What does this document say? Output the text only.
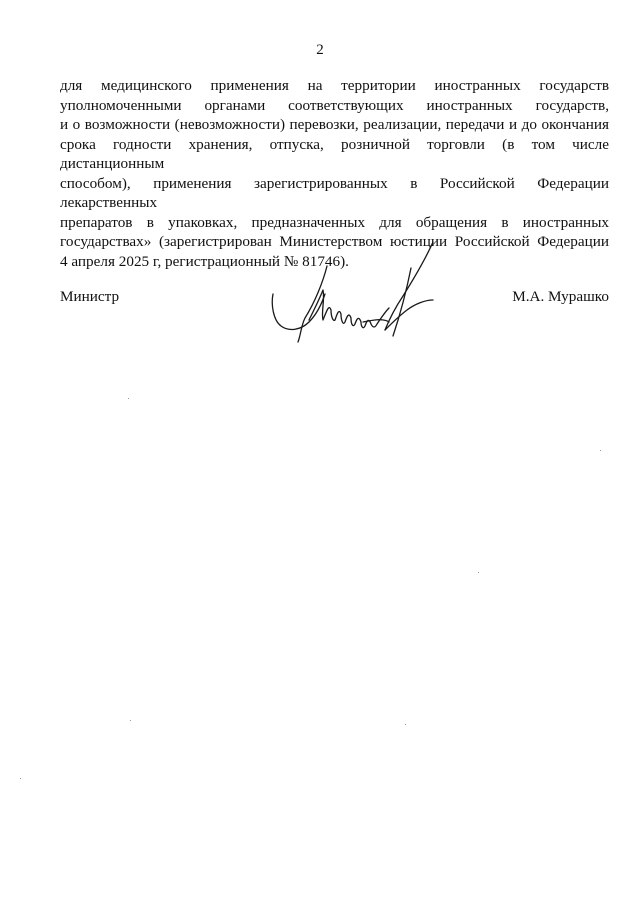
2
для медицинского применения на территории иностранных государств
уполномоченными органами соответствующих иностранных государств,
и о возможности (невозможности) перевозки, реализации, передачи и до окончания
срока годности хранения, отпуска, розничной торговли (в том числе дистанционным
способом), применения зарегистрированных в Российской Федерации лекарственных
препаратов в упаковках, предназначенных для обращения в иностранных
государствах» (зарегистрирован Министерством юстиции Российской Федерации
4 апреля 2025 г, регистрационный № 81746).
Министр	М.А. Мурашко
